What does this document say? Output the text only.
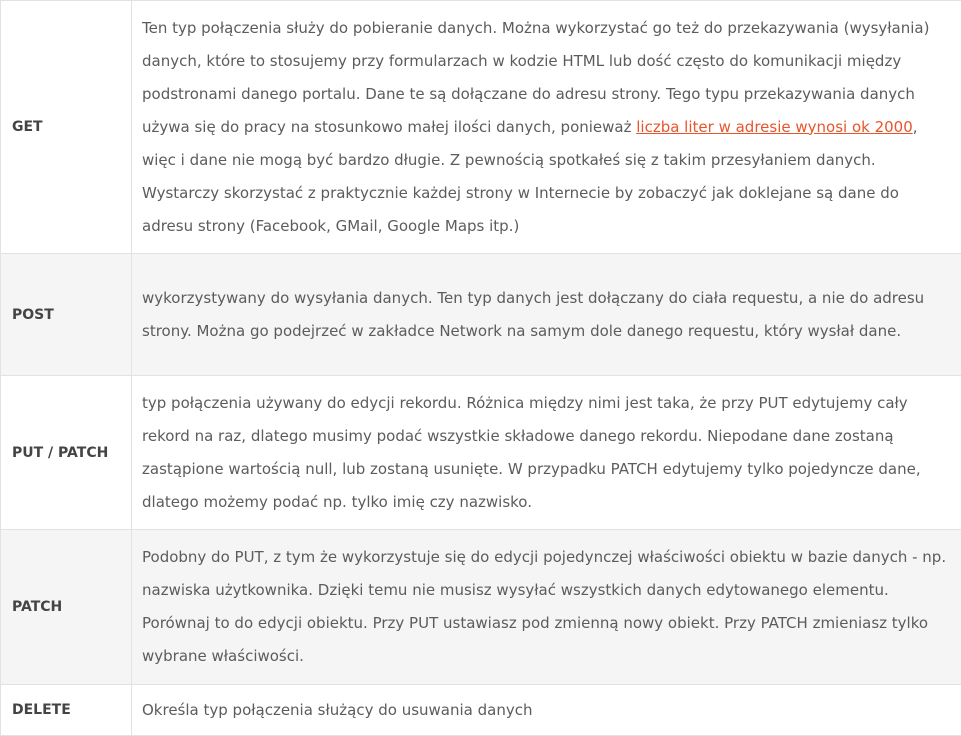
GET	Ten typ połączenia służy do pobieranie danych. Można wykorzystać go też do przekazywania (wysyłania) danych, które to stosujemy przy formularzach w kodzie HTML lub dość często do komunikacji między podstronami danego portalu. Dane te są dołączane do adresu strony. Tego typu przekazywania danych używa się do pracy na stosunkowo małej ilości danych, ponieważ liczba liter w adresie wynosi ok 2000, więc i dane nie mogą być bardzo długie. Z pewnością spotkałeś się z takim przesyłaniem danych. Wystarczy skorzystać z praktycznie każdej strony w Internecie by zobaczyć jak doklejane są dane do adresu strony (Facebook, GMail, Google Maps itp.)

POST	wykorzystywany do wysyłania danych. Ten typ danych jest dołączany do ciała requestu, a nie do adresu strony. Można go podejrzeć w zakładce Network na samym dole danego requestu, który wysłał dane.

PUT / PATCH	typ połączenia używany do edycji rekordu. Różnica między nimi jest taka, że przy PUT edytujemy cały rekord na raz, dlatego musimy podać wszystkie składowe danego rekordu. Niepodane dane zostaną zastąpione wartością null, lub zostaną usunięte. W przypadku PATCH edytujemy tylko pojedyncze dane, dlatego możemy podać np. tylko imię czy nazwisko.

PATCH	Podobny do PUT, z tym że wykorzystuje się do edycji pojedynczej właściwości obiektu w bazie danych - np. nazwiska użytkownika. Dzięki temu nie musisz wysyłać wszystkich danych edytowanego elementu. Porównaj to do edycji obiektu. Przy PUT ustawiasz pod zmienną nowy obiekt. Przy PATCH zmieniasz tylko wybrane właściwości.

DELETE	Określa typ połączenia służący do usuwania danych
